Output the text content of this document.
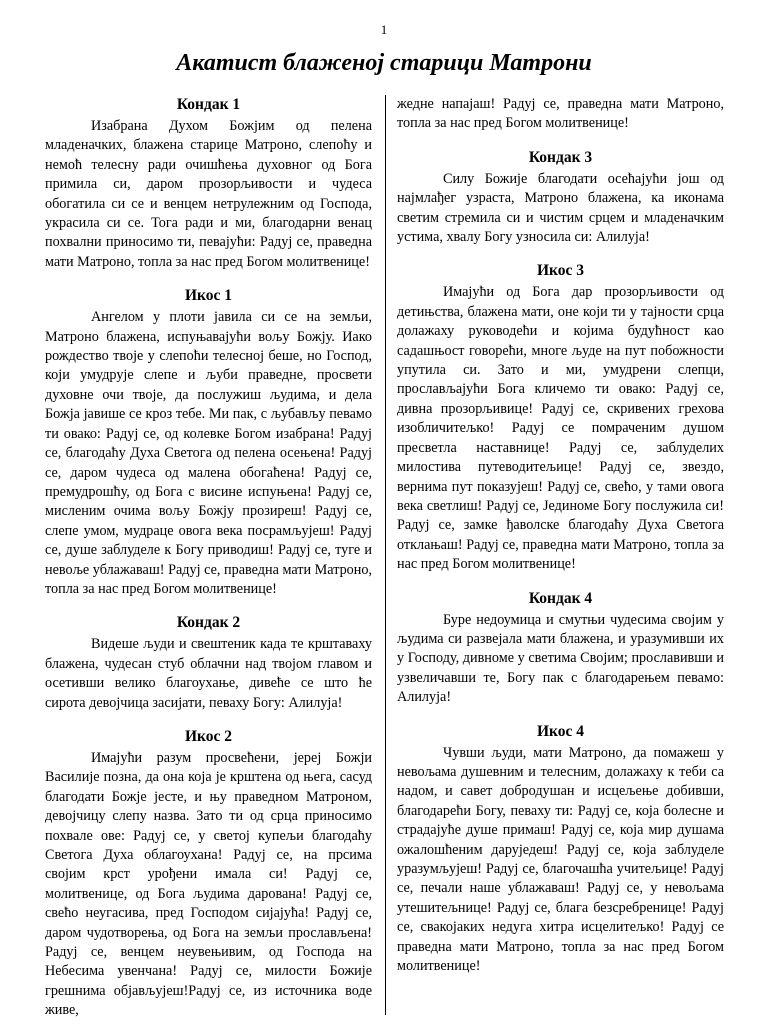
1
Акатист блаженој старици Матрони
Кондак 1

Изабрана Духом Божјим од пелена младеначких, блажена старице Матроно, слепоћу и немоћ телесну ради очишћења духовног од Бога примила си, даром прозорљивости и чудеса обогатила си се и венцем нетрулежним од Господа, украсила си се. Тога ради и ми, благодарни венац похвални приносимо ти, певајући: Радуј се, праведна мати Матроно, топла за нас пред Богом молитвенице!

Икос 1

Ангелом у плоти јавила си се на земљи, Матроно блажена, испуњавајући вољу Божју. Иако рождество твоје у слепоћи телесној беше, но Господ, који умудрује слепе и љуби праведне, просвети духовне очи твоје, да послужиш људима, и дела Божја јавише се кроз тебе. Ми пак, с љубављу певамо ти овако: Радуј се, од колевке Богом изабрана! Радуј се, благодаћу Духа Светога од пелена осењена! Радуј се, даром чудеса од малена обогаћена! Радуј се, премудрошћу, од Бога с висине испуњена! Радуј се, мисленим очима вољу Божју прозиреш! Радуј се, слепе умом, мудраце овога века посрамљујеш! Радуј се, душе заблуделе к Богу приводиш! Радуј се, туге и невоље ублажаваш! Радуј се, праведна мати Матроно, топла за нас пред Богом молитвенице!

Кондак 2

Видеше људи и свештеник када те крштаваху блажена, чудесан стуб облачни над твојом главом и осетивши велико благоухање, дивеће се што ће сирота девојчица засијати, певаху Богу: Алилуја!

Икос 2

Имајући разум просвећени, јереј Божји Василије позна, да она која је крштена од њега, сасуд благодати Божје јесте, и њу праведном Матроном, девојчицу слепу назва. Зато ти од срца приносимо похвале ове: Радуј се, у светој купељи благодаћу Светога Духа облагоухана! Радуј се, на прсима својим крст урођени имала си! Радуј се, молитвенице, од Бога људима дарована! Радуј се, свећо неугасива, пред Господом сијајућа! Радуј се, даром чудотворења, од Бога на земљи прослављена! Радуј се, венцем неувењивим, од Господа на Небесима увенчана! Радуј се, милости Божије грешнима објављујеш!Радуј се, из источника воде живе,

жедне напајаш! Радуј се, праведна мати Матроно, топла за нас пред Богом молитвенице!

Кондак 3

Силу Божије благодати осећајући још од најмлађег узраста, Матроно блажена, ка иконама светим стремила си и чистим срцем и младеначким устима, хвалу Богу узносила си: Алилуја!

Икос 3

Имајући од Бога дар прозорљивости од детињства, блажена мати, оне који ти у тајности срца долажаху руководећи и којима будућност као садашњост говорећи, многе људе на пут побожности упутила си. Зато и ми, умудрени слепци, прослављајући Бога кличемо ти овако: Радуј се, дивна прозорљивице! Радуј се, скривених грехова изобличитељко! Радуј се помраченим душом пресветла наставнице! Радуј се, заблуделих милостива путеводитељице! Радуј се, звездо, вернима пут показујеш! Радуј се, свећо, у тами овога века светлиш! Радуј се, Јединоме Богу послужила си! Радуј се, замке ђаволске благодаћу Духа Светога отклањаш! Радуј се, праведна мати Матроно, топла за нас пред Богом молитвенице!

Кондак 4

Буре недоумица и смутњи чудесима својим у људима си развејала мати блажена, и уразумивши их у Господу, дивноме у светима Својим; прославивши и узвеличавши те, Богу пак с благодарењем певамо: Алилуја!

Икос 4

Чувши људи, мати Матроно, да помажеш у невољама душевним и телесним, долажаху к теби са надом, и савет добродушан и исцељење добивши, благодарећи Богу, певаху ти: Радуј се, која болесне и страдајуће душе примаш! Радуј се, која мир душама ожалошћеним даруједеш! Радуј се, која заблуделе уразумљујеш! Радуј се, благочашћа учитељице! Радуј се, печали наше ублажаваш! Радуј се, у невољама утешитељнице! Радуј се, блага безсребренице! Радуј се, свакојаких недуга хитра исцелитељко! Радуј се праведна мати Матроно, топла за нас пред Богом молитвенице!
